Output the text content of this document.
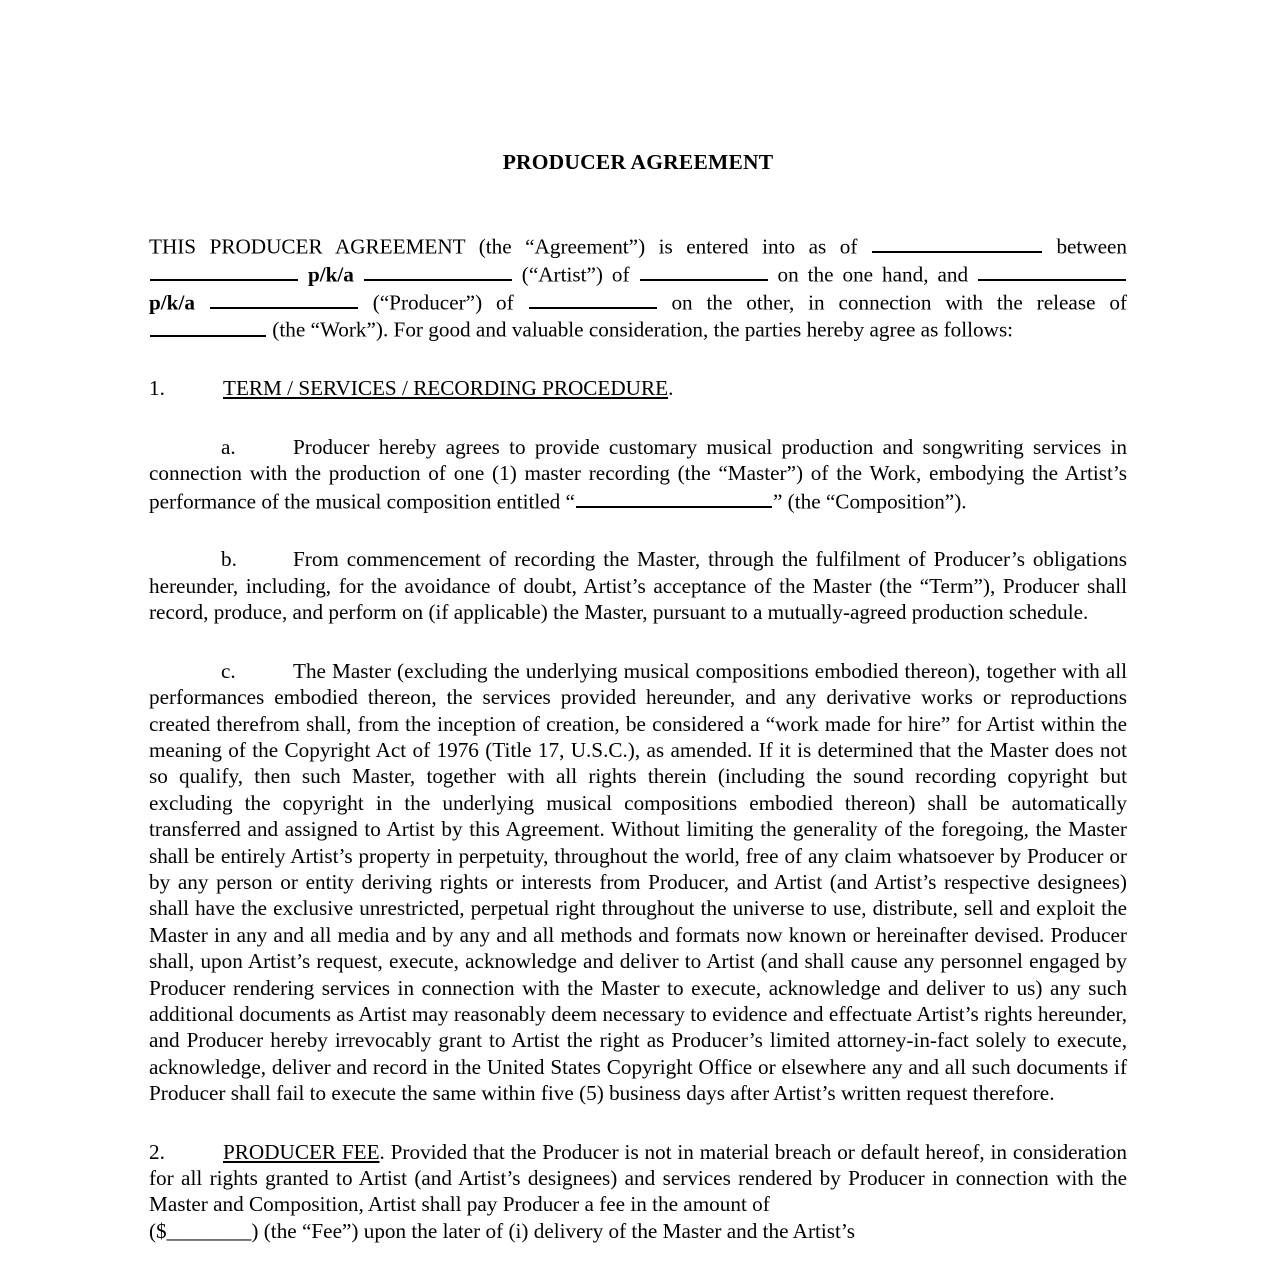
PRODUCER AGREEMENT

THIS PRODUCER AGREEMENT (the “Agreement”) is entered into as of	between  p/k/a	(“Artist”) of	on the one hand, and  p/k/a	(“Producer”) of	on the other, in connection with the release of  (the “Work”). For good and valuable consideration, the parties hereby agree as follows:

1.	TERM / SERVICES / RECORDING PROCEDURE.

a.	Producer hereby agrees to provide customary musical production and songwriting services in connection with the production of one (1) master recording (the “Master”) of the Work, embodying the Artist’s performance of the musical composition entitled “	” (the “Composition”).

b.	From commencement of recording the Master, through the fulfilment of Producer’s obligations hereunder, including, for the avoidance of doubt, Artist’s acceptance of the Master (the “Term”), Producer shall record, produce, and perform on (if applicable) the Master, pursuant to a mutually-agreed production schedule.

c.	The Master (excluding the underlying musical compositions embodied thereon), together with all performances embodied thereon, the services provided hereunder, and any derivative works or reproductions created therefrom shall, from the inception of creation, be considered a “work made for hire” for Artist within the meaning of the Copyright Act of 1976 (Title 17, U.S.C.), as amended. If it is determined that the Master does not so qualify, then such Master, together with all rights therein (including the sound recording copyright but excluding the copyright in the underlying musical compositions embodied thereon) shall be automatically transferred and assigned to Artist by this Agreement. Without limiting the generality of the foregoing, the Master shall be entirely Artist’s property in perpetuity, throughout the world, free of any claim whatsoever by Producer or by any person or entity deriving rights or interests from Producer, and Artist (and Artist’s respective designees) shall have the exclusive unrestricted, perpetual right throughout the universe to use, distribute, sell and exploit the Master in any and all media and by any and all methods and formats now known or hereinafter devised. Producer shall, upon Artist’s request, execute, acknowledge and deliver to Artist (and shall cause any personnel engaged by Producer rendering services in connection with the Master to execute, acknowledge and deliver to us) any such additional documents as Artist may reasonably deem necessary to evidence and effectuate Artist’s rights hereunder, and Producer hereby irrevocably grant to Artist the right as Producer’s limited attorney-in-fact solely to execute, acknowledge, deliver and record in the United States Copyright Office or elsewhere any and all such documents if Producer shall fail to execute the same within five (5) business days after Artist’s written request therefore.

2.	PRODUCER FEE. Provided that the Producer is not in material breach or default hereof, in consideration for all rights granted to Artist (and Artist’s designees) and services rendered by Producer in connection with the Master and Composition, Artist shall pay Producer a fee in the amount of

($________) (the “Fee”) upon the later of (i) delivery of the Master and the Artist’s
